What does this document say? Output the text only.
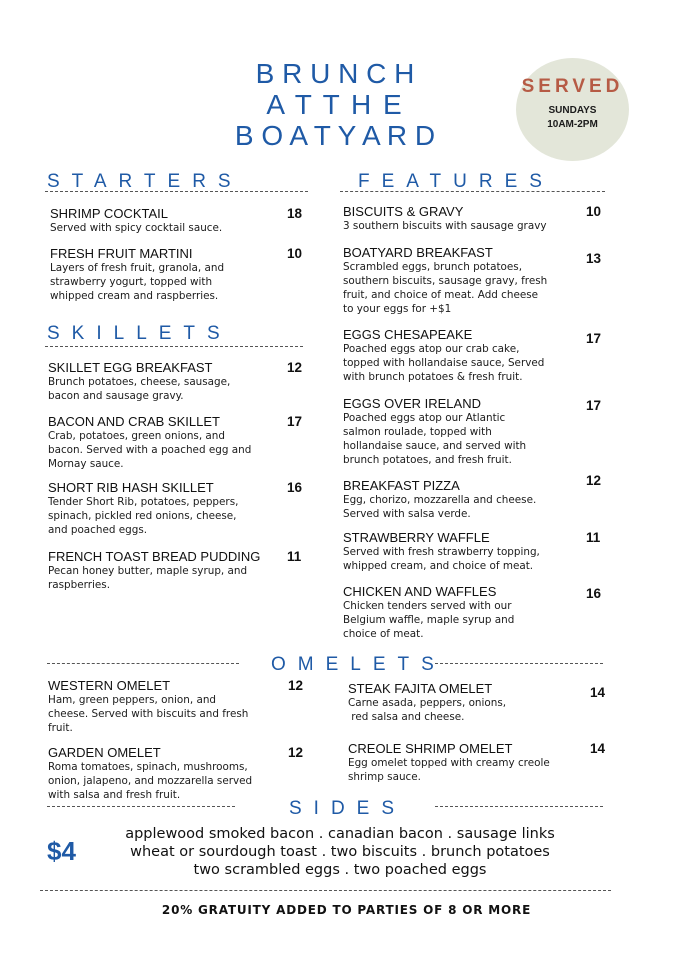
B R U N C H
A T T H E
B O A T Y A R D
SERVED
SUNDAYS
10AM-2PM
STARTERS	FEATURES
SKILLETS
OMELETS
SIDES
SHRIMP COCKTAIL	18
Served with spicy cocktail sauce.
FRESH FRUIT MARTINI	10
Layers of fresh fruit, granola, and
strawberry yogurt, topped with
whipped cream and raspberries.
SKILLET EGG BREAKFAST	12
Brunch potatoes, cheese, sausage,
bacon and sausage gravy.
BACON AND CRAB SKILLET	17
Crab, potatoes, green onions, and
bacon. Served with a poached egg and
Mornay sauce.
SHORT RIB HASH SKILLET	16
Tender Short Rib, potatoes, peppers,
spinach, pickled red onions, cheese,
and poached eggs.
FRENCH TOAST BREAD PUDDING 11
Pecan honey butter, maple syrup, and
raspberries.
BISCUITS & GRAVY	10
3 southern biscuits with sausage gravy
BOATYARD BREAKFAST	13
Scrambled eggs, brunch potatoes,
southern biscuits, sausage gravy, fresh
fruit, and choice of meat. Add cheese
to your eggs for +$1
EGGS CHESAPEAKE	17
Poached eggs atop our crab cake,
topped with hollandaise sauce, Served
with brunch potatoes & fresh fruit.
EGGS OVER IRELAND	17
Poached eggs atop our Atlantic
salmon roulade, topped with
hollandaise sauce, and served with
brunch potatoes, and fresh fruit.
BREAKFAST PIZZA	12
Egg, chorizo, mozzarella and cheese.
Served with salsa verde.
STRAWBERRY WAFFLE	11
Served with fresh strawberry topping,
whipped cream, and choice of meat.
CHICKEN AND WAFFLES	16
Chicken tenders served with our
Belgium waffle, maple syrup and
choice of meat.
WESTERN OMELET	12
Ham, green peppers, onion, and
cheese. Served with biscuits and fresh
fruit.
GARDEN OMELET	12
Roma tomatoes, spinach, mushrooms,
onion, jalapeno, and mozzarella served
with salsa and fresh fruit.
STEAK FAJITA OMELET	14
Carne asada, peppers, onions,
red salsa and cheese.
CREOLE SHRIMP OMELET	14
Egg omelet topped with creamy creole
shrimp sauce.
$4
applewood smoked bacon . canadian bacon . sausage links
wheat or sourdough toast . two biscuits . brunch potatoes
two scrambled eggs . two poached eggs
20% GRATUITY ADDED TO PARTIES OF 8 OR MORE
